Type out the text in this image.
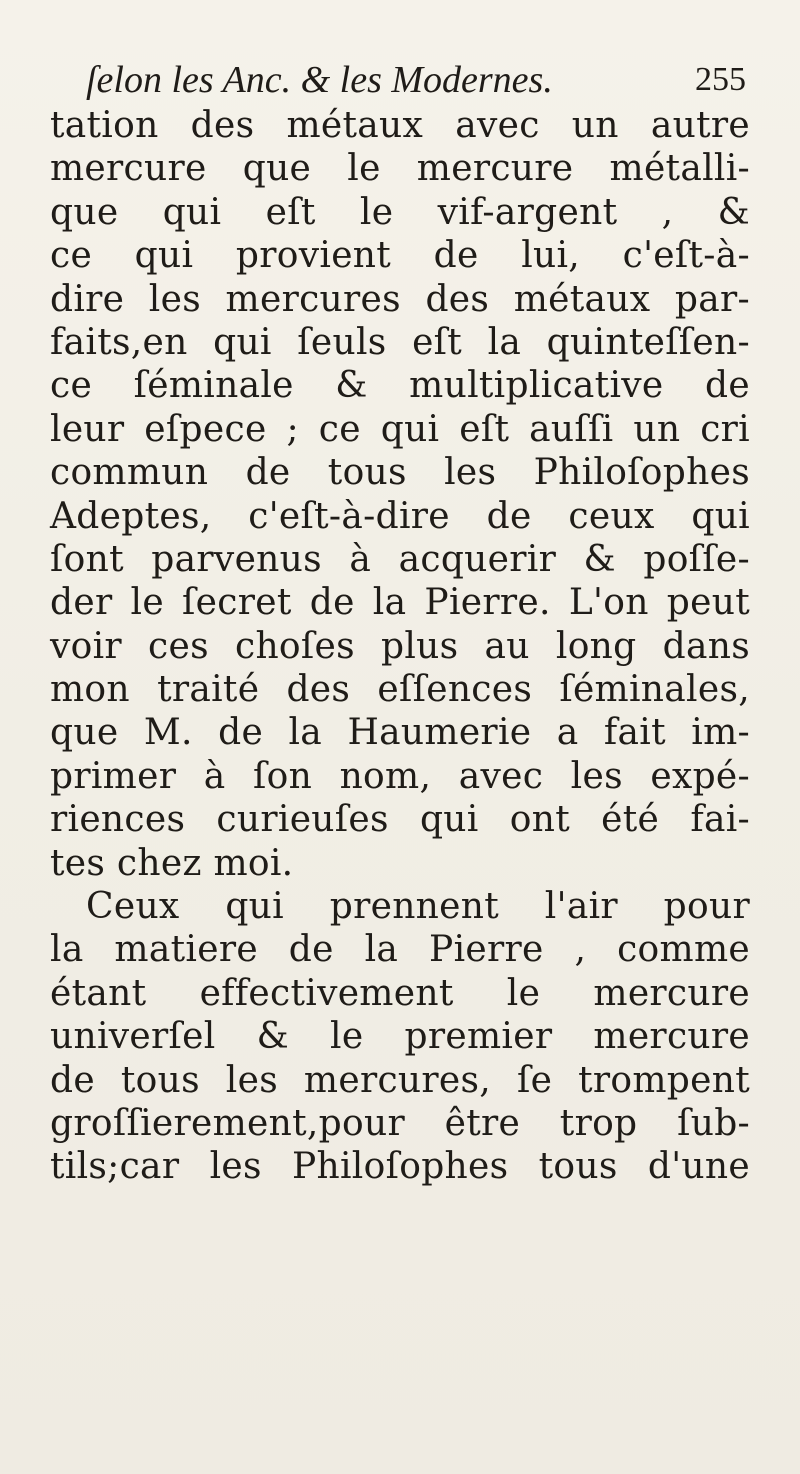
ſelon les Anc. & les Modernes.	255
tation des métaux avec un autre
mercure que le mercure métalli-
que qui eſt le vif-argent , &
ce qui provient de lui, c'eſt-à-
dire les mercures des métaux par-
faits,en qui ſeuls eſt la quinteſſen-
ce ſéminale & multiplicative de
leur eſpece ; ce qui eſt auſſi un cri
commun de tous les Philoſophes
Adeptes, c'eſt-à-dire de ceux qui
ſont parvenus à acquerir & poſſe-
der le ſecret de la Pierre. L'on peut
voir ces choſes plus au long dans
mon traité des eſſences ſéminales,
que M. de la Haumerie a fait im-
primer à ſon nom, avec les expé-
riences curieuſes qui ont été fai-
tes chez moi.
Ceux qui prennent l'air pour
la matiere de la Pierre , comme
étant effectivement le mercure
univerſel & le premier mercure
de tous les mercures, ſe trompent
groſſierement,pour être trop ſub-
tils;car les Philoſophes tous d'une
